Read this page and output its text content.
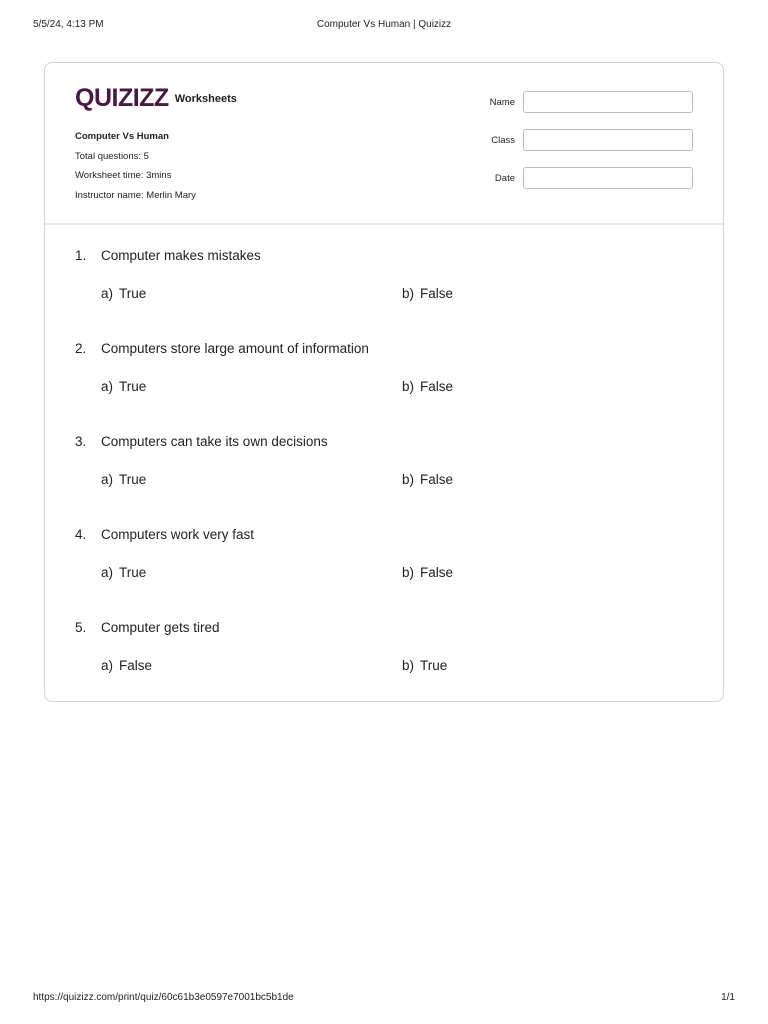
5/5/24, 4:13 PM	Computer Vs Human | Quizizz
QUIZIZZ Worksheets
Computer Vs Human
Total questions: 5
Worksheet time: 3mins
Instructor name: Merlin Mary
Name
Class
Date
1. Computer makes mistakes
a) True	b) False
2. Computers store large amount of information
a) True	b) False
3. Computers can take its own decisions
a) True	b) False
4. Computers work very fast
a) True	b) False
5. Computer gets tired
a) False	b) True
https://quizizz.com/print/quiz/60c61b3e0597e7001bc5b1de	1/1
